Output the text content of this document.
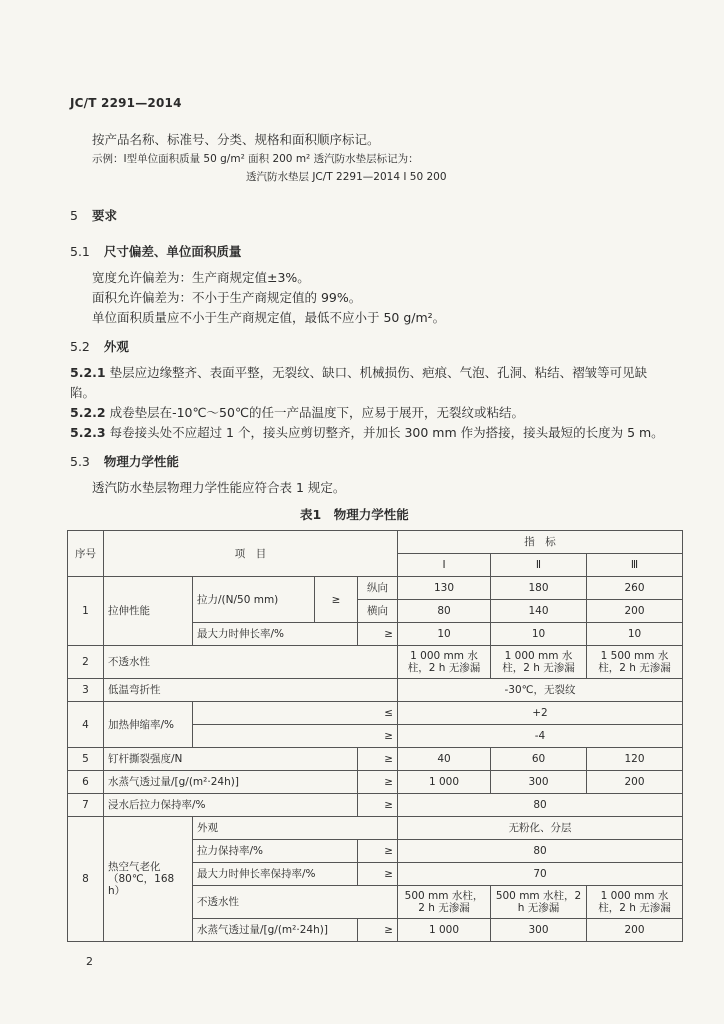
JC/T 2291—2014
按产品名称、标准号、分类、规格和面积顺序标记。
示例：Ⅰ型单位面积质量 50 g/m² 面积 200 m² 透汽防水垫层标记为：
透汽防水垫层 JC/T 2291—2014 Ⅰ 50 200
5 要求
5.1 尺寸偏差、单位面积质量
宽度允许偏差为：生产商规定值±3%。
面积允许偏差为：不小于生产商规定值的 99%。
单位面积质量应不小于生产商规定值，最低不应小于 50 g/m²。
5.2 外观
5.2.1 垫层应边缘整齐、表面平整，无裂纹、缺口、机械损伤、疤痕、气泡、孔洞、粘结、褶皱等可见缺陷。
5.2.2 成卷垫层在-10℃～50℃的任一产品温度下，应易于展开，无裂纹或粘结。
5.2.3 每卷接头处不应超过 1 个，接头应剪切整齐，并加长 300 mm 作为搭接，接头最短的长度为 5 m。
5.3 物理力学性能
透汽防水垫层物理力学性能应符合表 1 规定。
表1　物理力学性能
序号	项　目				指　标		
					Ⅰ	Ⅱ	Ⅲ
1	拉伸性能	拉力/(N/50 mm)	≥	纵向	130	180	260
				横向	80	140	200
		最大力时伸长率/%		≥	10	10	10
2	不透水性				1 000 mm 水柱，2 h 无渗漏	1 000 mm 水柱，2 h 无渗漏	1 500 mm 水柱，2 h 无渗漏
3	低温弯折性				-30℃，无裂纹		
4	加热伸缩率/%	≤			+2		
		≥			-4		
5	钉杆撕裂强度/N			≥	40	60	120
6	水蒸气透过量/[g/(m²·24h)]			≥	1 000	300	200
7	浸水后拉力保持率/%			≥	80		
8	热空气老化（80℃，168 h）	外观			无粉化、分层		
		拉力保持率/%		≥	80		
		最大力时伸长率保持率/%		≥	70		
		不透水性			500 mm 水柱，2 h 无渗漏	500 mm 水柱，2 h 无渗漏	1 000 mm 水柱，2 h 无渗漏
		水蒸气透过量/[g/(m²·24h)]		≥	1 000	300	200
2
